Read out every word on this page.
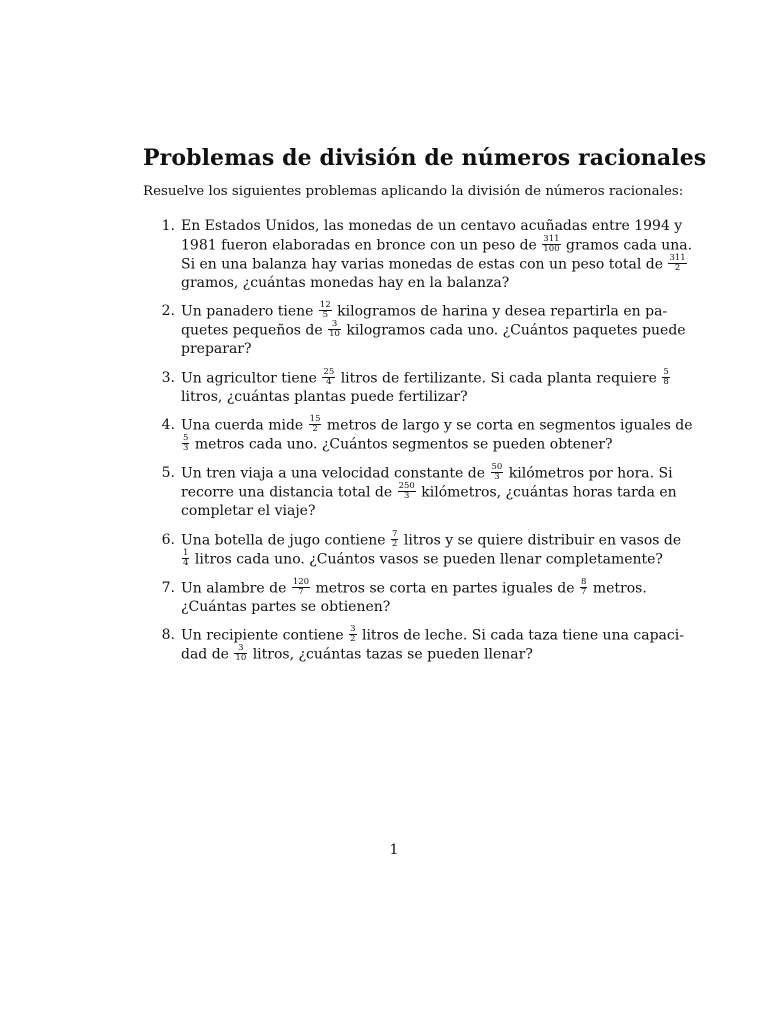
Problemas de división de números racionales
Resuelve los siguientes problemas aplicando la división de números racionales:
1. En Estados Unidos, las monedas de un centavo acuñadas entre 1994 y
1981 fueron elaboradas en bronce con un peso de $\frac{311}{100}$ gramos cada una.
Si en una balanza hay varias monedas de estas con un peso total de $\frac{311}{2}$
gramos, ¿cuántas monedas hay en la balanza?
2. Un panadero tiene $\frac{12}{5}$ kilogramos de harina y desea repartirla en pa-
quetes pequeños de $\frac{3}{10}$ kilogramos cada uno. ¿Cuántos paquetes puede
preparar?
3. Un agricultor tiene $\frac{25}{4}$ litros de fertilizante. Si cada planta requiere $\frac{5}{8}$
litros, ¿cuántas plantas puede fertilizar?
4. Una cuerda mide $\frac{15}{2}$ metros de largo y se corta en segmentos iguales de
$\frac{5}{3}$ metros cada uno. ¿Cuántos segmentos se pueden obtener?
5. Un tren viaja a una velocidad constante de $\frac{50}{3}$ kilómetros por hora. Si
recorre una distancia total de $\frac{250}{3}$ kilómetros, ¿cuántas horas tarda en
completar el viaje?
6. Una botella de jugo contiene $\frac{7}{2}$ litros y se quiere distribuir en vasos de
$\frac{1}{4}$ litros cada uno. ¿Cuántos vasos se pueden llenar completamente?
7. Un alambre de $\frac{120}{7}$ metros se corta en partes iguales de $\frac{8}{7}$ metros.
¿Cuántas partes se obtienen?
8. Un recipiente contiene $\frac{3}{2}$ litros de leche. Si cada taza tiene una capaci-
dad de $\frac{3}{10}$ litros, ¿cuántas tazas se pueden llenar?
1
